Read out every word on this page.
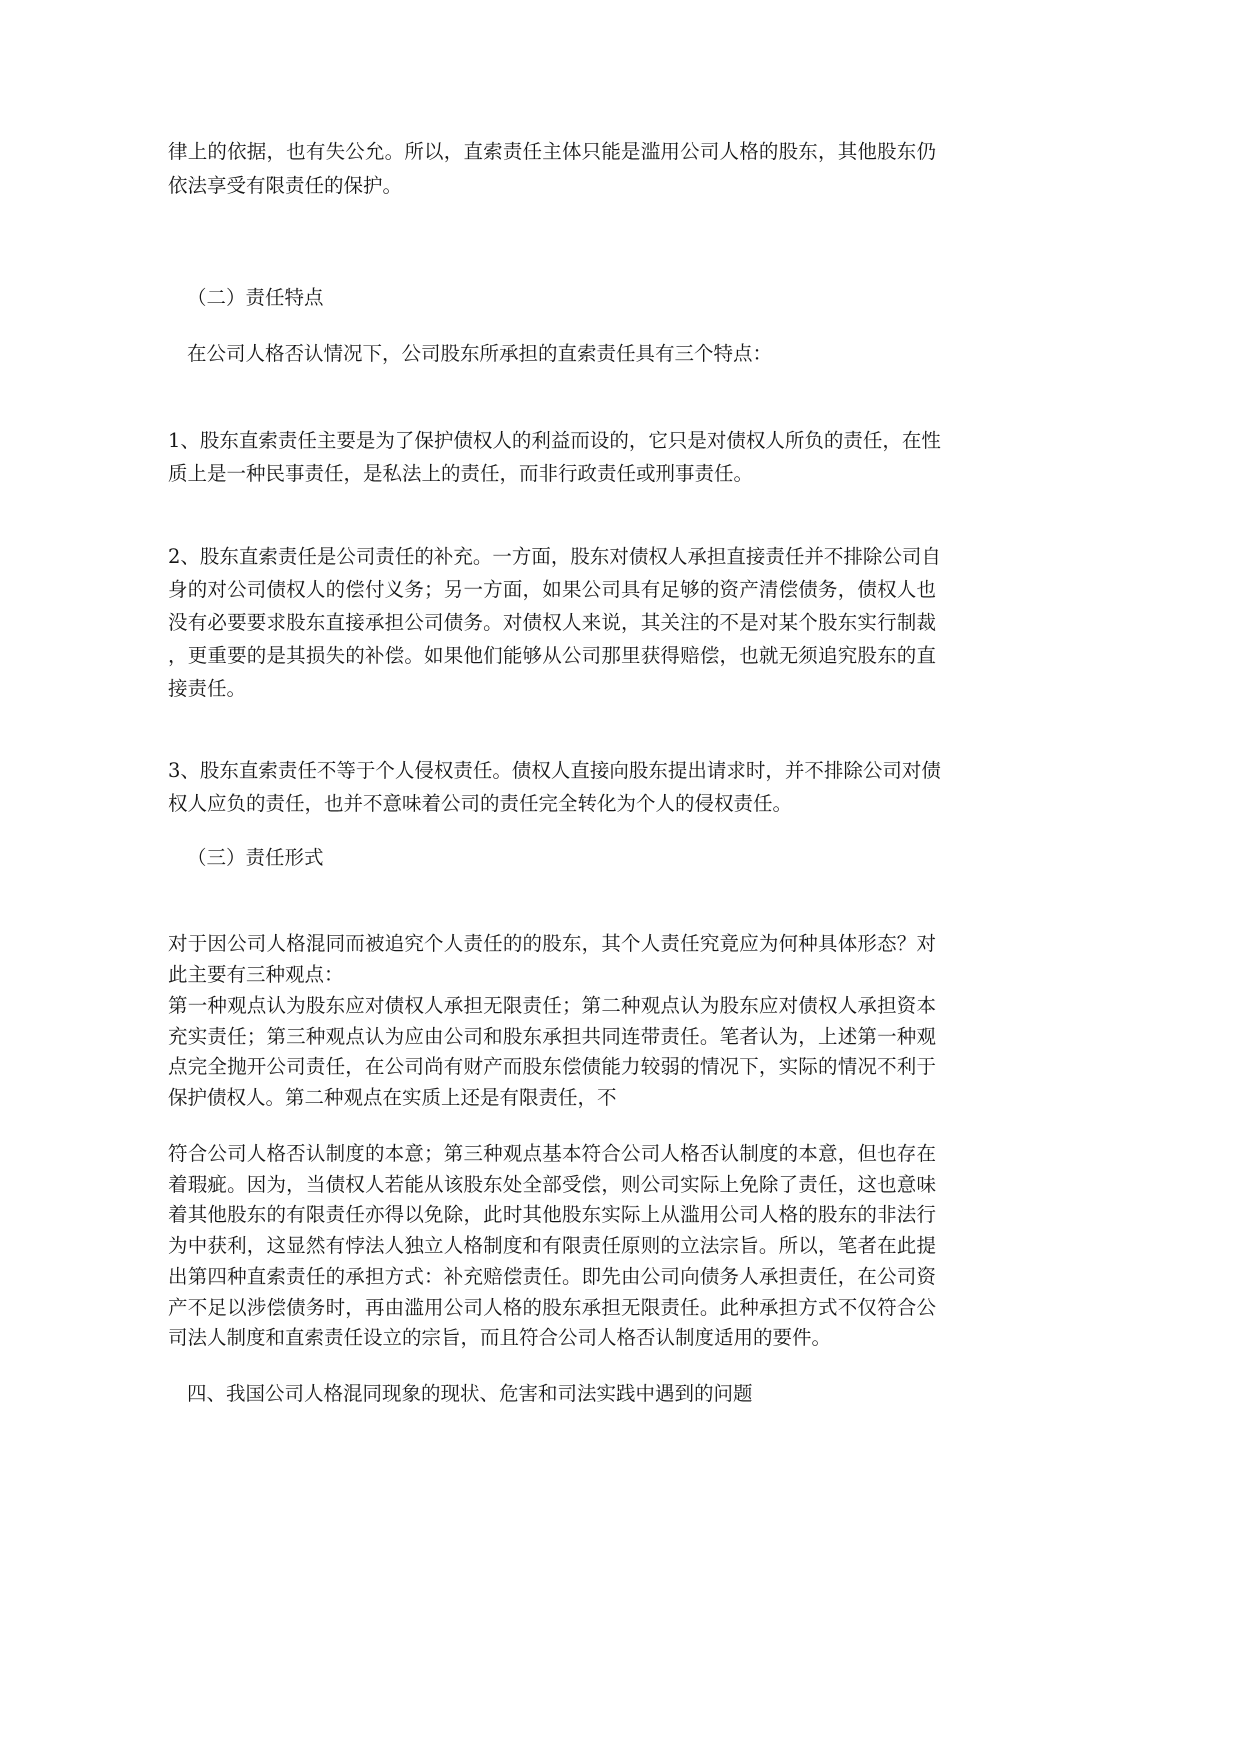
律上的依据，也有失公允。所以，直索责任主体只能是滥用公司人格的股东，其他股东仍
依法享受有限责任的保护。
（二）责任特点
在公司人格否认情况下，公司股东所承担的直索责任具有三个特点：
1、股东直索责任主要是为了保护债权人的利益而设的，它只是对债权人所负的责任，在性
质上是一种民事责任，是私法上的责任，而非行政责任或刑事责任。
2、股东直索责任是公司责任的补充。一方面，股东对债权人承担直接责任并不排除公司自
身的对公司债权人的偿付义务；另一方面，如果公司具有足够的资产清偿债务，债权人也
没有必要要求股东直接承担公司债务。对债权人来说，其关注的不是对某个股东实行制裁
，更重要的是其损失的补偿。如果他们能够从公司那里获得赔偿，也就无须追究股东的直
接责任。
3、股东直索责任不等于个人侵权责任。债权人直接向股东提出请求时，并不排除公司对债
权人应负的责任，也并不意味着公司的责任完全转化为个人的侵权责任。
（三）责任形式
对于因公司人格混同而被追究个人责任的的股东，其个人责任究竟应为何种具体形态？对
此主要有三种观点：
第一种观点认为股东应对债权人承担无限责任；第二种观点认为股东应对债权人承担资本
充实责任；第三种观点认为应由公司和股东承担共同连带责任。笔者认为，上述第一种观
点完全抛开公司责任，在公司尚有财产而股东偿债能力较弱的情况下，实际的情况不利于
保护债权人。第二种观点在实质上还是有限责任，不
符合公司人格否认制度的本意；第三种观点基本符合公司人格否认制度的本意，但也存在
着瑕疵。因为，当债权人若能从该股东处全部受偿，则公司实际上免除了责任，这也意味
着其他股东的有限责任亦得以免除，此时其他股东实际上从滥用公司人格的股东的非法行
为中获利，这显然有悖法人独立人格制度和有限责任原则的立法宗旨。所以，笔者在此提
出第四种直索责任的承担方式：补充赔偿责任。即先由公司向债务人承担责任，在公司资
产不足以涉偿债务时，再由滥用公司人格的股东承担无限责任。此种承担方式不仅符合公
司法人制度和直索责任设立的宗旨，而且符合公司人格否认制度适用的要件。
四、我国公司人格混同现象的现状、危害和司法实践中遇到的问题
